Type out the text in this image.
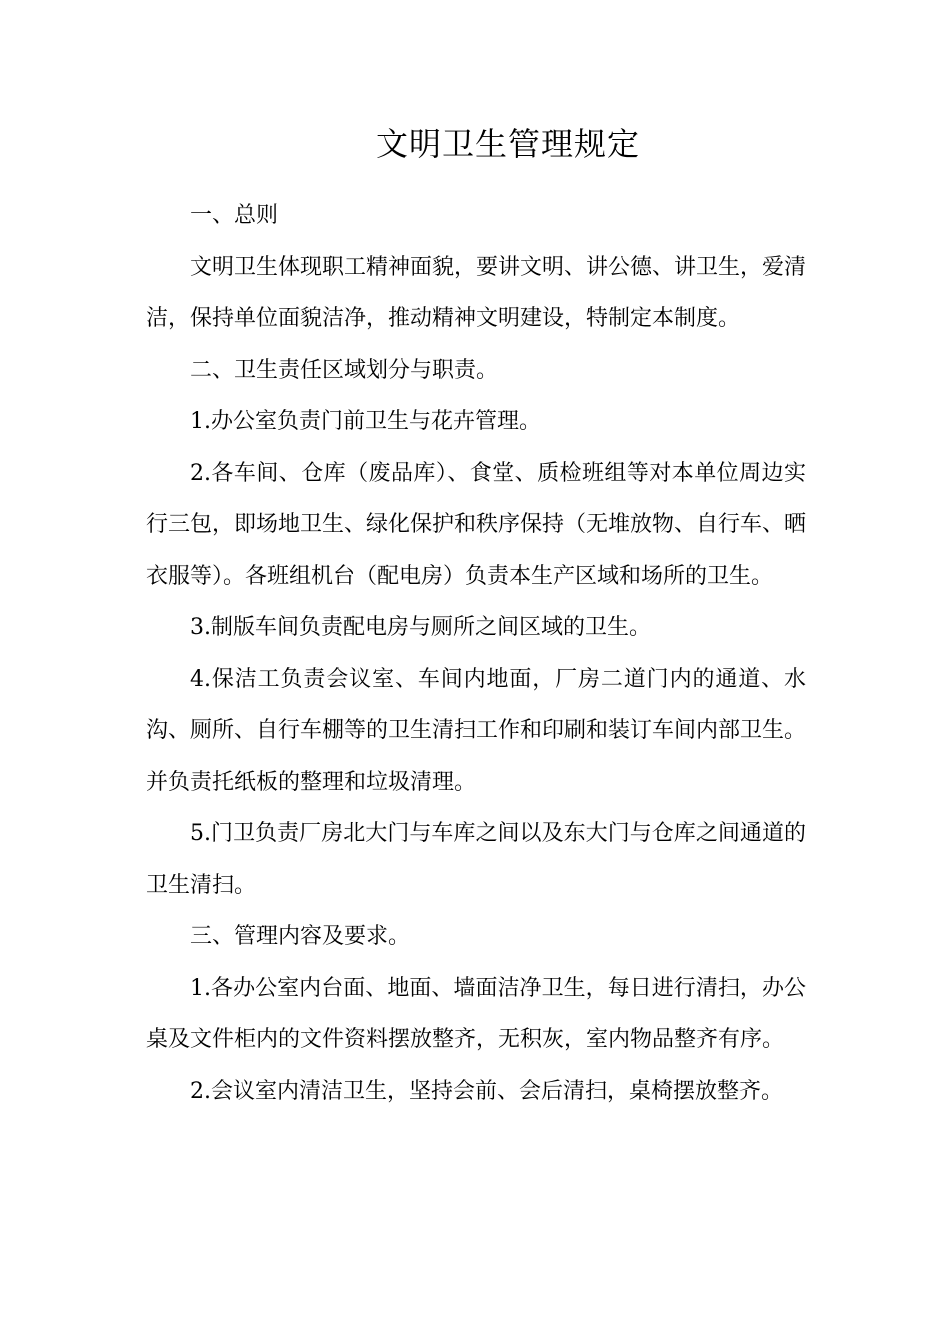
文明卫生管理规定

一、总则

文明卫生体现职工精神面貌，要讲文明、讲公德、讲卫生，爱清洁，保持单位面貌洁净，推动精神文明建设，特制定本制度。

二、卫生责任区域划分与职责。

1.办公室负责门前卫生与花卉管理。

2.各车间、仓库（废品库）、食堂、质检班组等对本单位周边实行三包，即场地卫生、绿化保护和秩序保持（无堆放物、自行车、晒衣服等）。各班组机台（配电房）负责本生产区域和场所的卫生。

3.制版车间负责配电房与厕所之间区域的卫生。

4.保洁工负责会议室、车间内地面，厂房二道门内的通道、水沟、厕所、自行车棚等的卫生清扫工作和印刷和装订车间内部卫生。并负责托纸板的整理和垃圾清理。

5.门卫负责厂房北大门与车库之间以及东大门与仓库之间通道的卫生清扫。

三、管理内容及要求。

1.各办公室内台面、地面、墙面洁净卫生，每日进行清扫，办公桌及文件柜内的文件资料摆放整齐，无积灰，室内物品整齐有序。

2.会议室内清洁卫生，坚持会前、会后清扫，桌椅摆放整齐。
